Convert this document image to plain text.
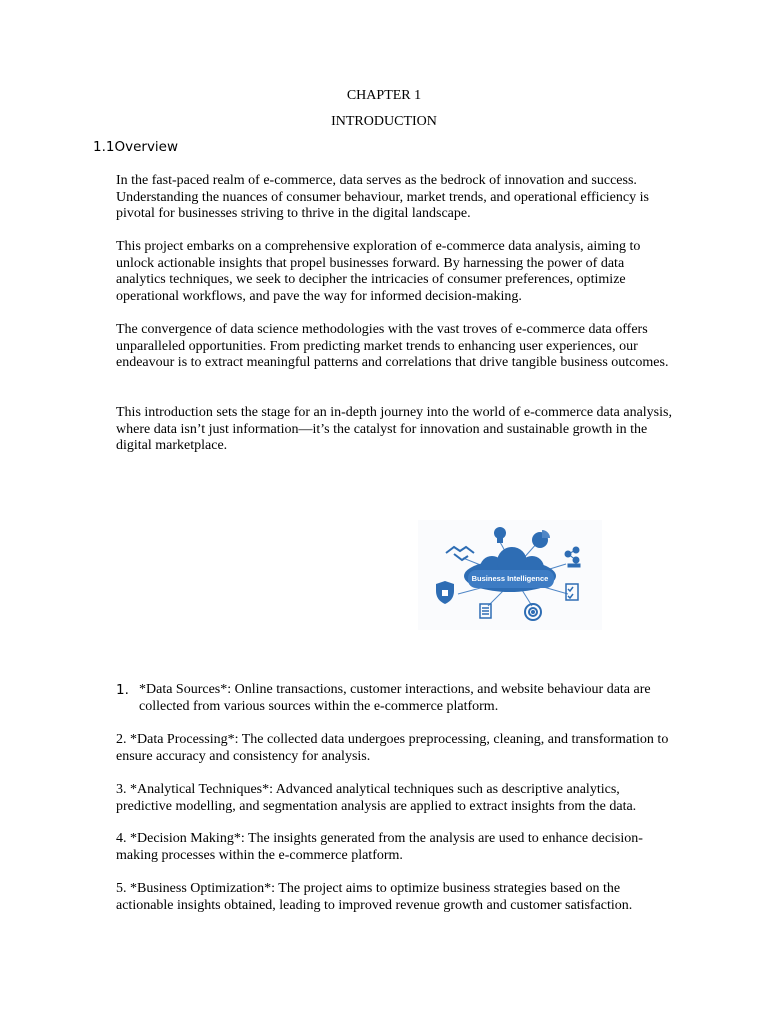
CHAPTER 1
INTRODUCTION
1.1Overview

In the fast-paced realm of e-commerce, data serves as the bedrock of innovation and success. Understanding the nuances of consumer behaviour, market trends, and operational efficiency is pivotal for businesses striving to thrive in the digital landscape.

This project embarks on a comprehensive exploration of e-commerce data analysis, aiming to unlock actionable insights that propel businesses forward. By harnessing the power of data analytics techniques, we seek to decipher the intricacies of consumer preferences, optimize operational workflows, and pave the way for informed decision-making.

The convergence of data science methodologies with the vast troves of e-commerce data offers unparalleled opportunities. From predicting market trends to enhancing user experiences, our endeavour is to extract meaningful patterns and correlations that drive tangible business outcomes.

This introduction sets the stage for an in-depth journey into the world of e-commerce data analysis, where data isn’t just information—it’s the catalyst for innovation and sustainable growth in the digital marketplace.

Business Intelligence
1. *Data Sources*: Online transactions, customer interactions, and website behaviour data are collected from various sources within the e-commerce platform.

2. *Data Processing*: The collected data undergoes preprocessing, cleaning, and transformation to ensure accuracy and consistency for analysis.

3. *Analytical Techniques*: Advanced analytical techniques such as descriptive analytics, predictive modelling, and segmentation analysis are applied to extract insights from the data.

4. *Decision Making*: The insights generated from the analysis are used to enhance decision-making processes within the e-commerce platform.

5. *Business Optimization*: The project aims to optimize business strategies based on the actionable insights obtained, leading to improved revenue growth and customer satisfaction.
